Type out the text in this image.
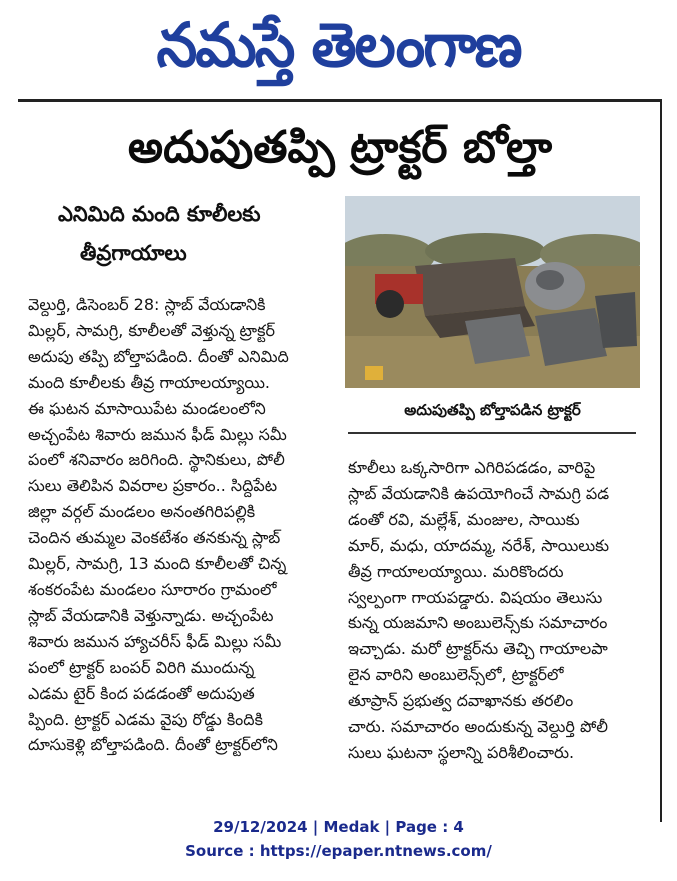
నమస్తే తెలంగాణ
అదుపుతప్పి ట్రాక్టర్ బోల్తా
ఎనిమిది మంది కూలీలకు
తీవ్రగాయాలు
అదుపుతప్పి బోల్తాపడిన ట్రాక్టర్
వెల్దుర్తి, డిసెంబర్ 28: స్లాబ్ వేయడానికి
మిల్లర్, సామగ్రి, కూలీలతో వెళ్తున్న ట్రాక్టర్
అదుపు తప్పి బోల్తాపడింది. దీంతో ఎనిమిది
మంది కూలీలకు తీవ్ర గాయాలయ్యాయి.
ఈ ఘటన మాసాయిపేట మండలంలోని
అచ్చంపేట శివారు జమున ఫీడ్ మిల్లు సమీ
పంలో శనివారం జరిగింది. స్థానికులు, పోలీ
సులు తెలిపిన వివరాల ప్రకారం.. సిద్దిపేట
జిల్లా వర్గల్ మండలం అనంతగిరిపల్లికి
చెందిన తుమ్మల వెంకటేశం తనకున్న స్లాబ్
మిల్లర్, సామగ్రి, 13 మంది కూలీలతో చిన్న
శంకరంపేట మండలం సూరారం గ్రామంలో
స్లాబ్ వేయడానికి వెళ్తున్నాడు. అచ్చంపేట
శివారు జమున హ్యాచరీస్ ఫీడ్ మిల్లు సమీ
పంలో ట్రాక్టర్ బంపర్ విరిగి ముందున్న
ఎడమ టైర్ కింద పడడంతో అదుపుత
ప్పింది. ట్రాక్టర్ ఎడమ వైపు రోడ్డు కిందికి
దూసుకెళ్లి బోల్తాపడింది. దీంతో ట్రాక్టర్‌లోని
కూలీలు ఒక్కసారిగా ఎగిరిపడడం, వారిపై
స్లాబ్ వేయడానికి ఉపయోగించే సామగ్రి పడ
డంతో రవి, మల్లేశ్, మంజుల, సాయికు
మార్, మధు, యాదమ్మ, నరేశ్, సాయిలుకు
తీవ్ర గాయాలయ్యాయి. మరికొందరు
స్వల్పంగా గాయపడ్డారు. విషయం తెలుసు
కున్న యజమాని అంబులెన్స్‌కు సమాచారం
ఇచ్చాడు. మరో ట్రాక్టర్‌ను తెచ్చి గాయాలపా
లైన వారిని అంబులెన్స్‌లో, ట్రాక్టర్‌లో
తూప్రాన్ ప్రభుత్వ దవాఖానకు తరలిం
చారు. సమాచారం అందుకున్న వెల్దుర్తి పోలీ
సులు ఘటనా స్థలాన్ని పరిశీలించారు.
29/12/2024 | Medak | Page : 4
Source : https://epaper.ntnews.com/
